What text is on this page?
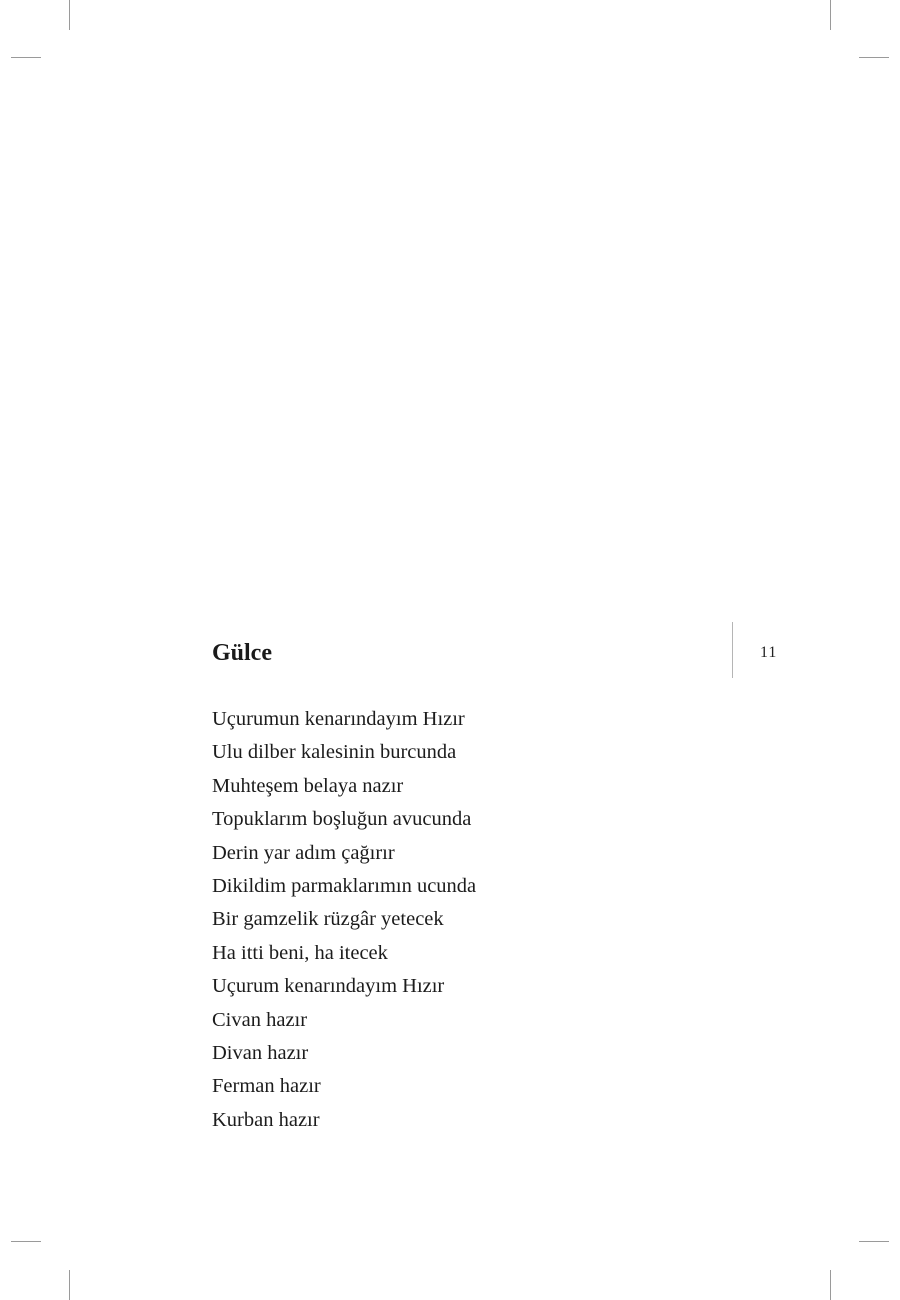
11
Gülce
Uçurumun kenarındayım Hızır
Ulu dilber kalesinin burcunda
Muhteşem belaya nazır
Topuklarım boşluğun avucunda
Derin yar adım çağırır
Dikildim parmaklarımın ucunda
Bir gamzelik rüzgâr yetecek
Ha itti beni, ha itecek
Uçurum kenarındayım Hızır
Civan hazır
Divan hazır
Ferman hazır
Kurban hazır
